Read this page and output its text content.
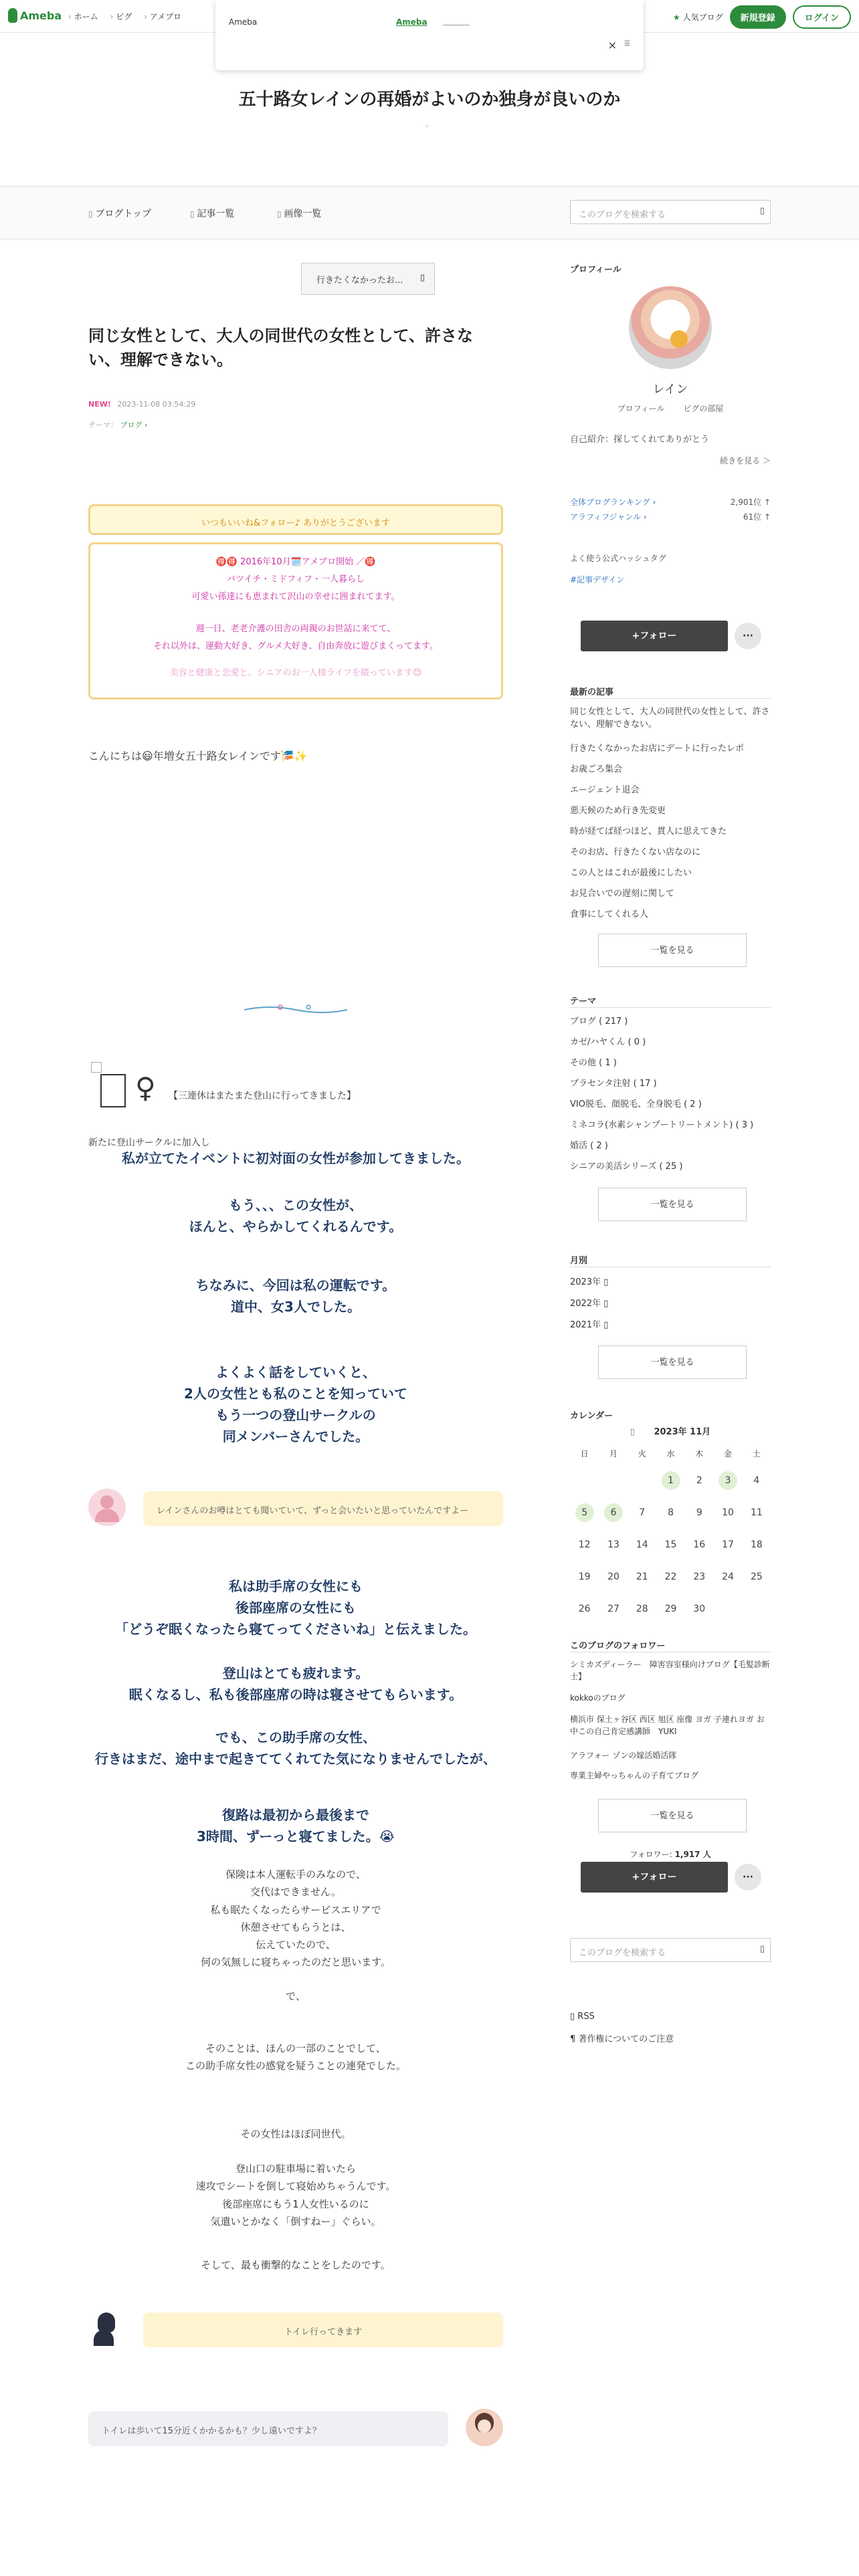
Ameba	› ホーム	› ピグ	› アメブロ	★ 人気ブログ	新規登録	ログイン
Ameba	Ameba
× ☰
五十路女レインの再婚がよいのか独身が良いのか
。
▯ ブログトップ	▯ 記事一覧	▯ 画像一覧	このブログを検索する	▯
行きたくなかったお... ▯
同じ女性として、大人の同世代の女性として、許さない、理解できない。
NEW! 2023-11-08 03:54:29
テーマ： ブログ ›
いつもいいね&フォロー♪ ありがとうございます
🉐🉐 2016年10月🗓️アメブロ開始 ／🉐
バツイチ・ミドフィフ・一人暮らし
可愛い孫達にも恵まれて沢山の幸せに囲まれてます。
週一日、老老介護の田舎の両親のお世話に来てて、
それ以外は、運動大好き、グルメ大好き、自由奔放に遊びまくってます。
美容と健康と恋愛と、シニアのお一人様ライフを綴っています😊
こんにちは😃年増女五十路女レインです🎏✨
♀ 【三連休はまたまた登山に行ってきました】
新たに登山サークルに加入し
私が立てたイベントに初対面の女性が参加してきました。
もう、、、この女性が、
ほんと、やらかしてくれるんです。
ちなみに、今回は私の運転です。
道中、女3人でした。
よくよく話をしていくと、
2人の女性とも私のことを知っていて
もう一つの登山サークルの
同メンバーさんでした。
レインさんのお噂はとても聞いていて、ずっと会いたいと思っていたんですよー
私は助手席の女性にも
後部座席の女性にも
「どうぞ眠くなったら寝てってくださいね」と伝えました。
登山はとても疲れます。
眠くなるし、私も後部座席の時は寝させてもらいます。
でも、この助手席の女性、
行きはまだ、途中まで起きててくれてた気になりませんでしたが、
復路は最初から最後まで
3時間、ずーっと寝てました。😭
保険は本人運転手のみなので、
交代はできません。
私も眠たくなったらサービスエリアで
休憩させてもらうとは、
伝えていたので、
何の気無しに寝ちゃったのだと思います。
で、
そのことは、ほんの一部のことでして、
この助手席女性の感覚を疑うことの連発でした。
その女性はほぼ同世代。
登山口の駐車場に着いたら
速攻でシートを倒して寝始めちゃうんです。
後部座席にもう1人女性いるのに
気遣いとかなく「倒すねー」ぐらい。
そして、最も衝撃的なことをしたのです。
トイレ行ってきます
トイレは歩いて15分近くかかるかも？少し遠いですよ？
プロフィール
レイン
プロフィール ピグの部屋
自己紹介：探してくれてありがとう
続きを見る ＞
全体ブログランキング ›	2,901位 ↑
アラフィフジャンル ›	61位 ↑
よく使う公式ハッシュタグ
#記事デザイン
+フォロー	···
最新の記事
同じ女性として、大人の同世代の女性として、許さない、理解できない。
行きたくなかったお店にデートに行ったレポ
お歳ごろ集会
エージェント退会
悪天候のため行き先変更
時が経てば経つほど、貫人に思えてきた
そのお店、行きたくない店なのに
この人とはこれが最後にしたい
お見合いでの遅刻に関して
食事にしてくれる人
一覧を見る
テーマ
ブログ ( 217 )
カゼ/ハヤくん ( 0 )
その他 ( 1 )
プラセンタ注射 ( 17 )
VIO脱毛、顔脱毛、全身脱毛 ( 2 )
ミネコラ(水素シャンプートリートメント) ( 3 )
婚活 ( 2 )
シニアの美活シリーズ ( 25 )
一覧を見る
月別
2023年 ▯
2022年 ▯
2021年 ▯
一覧を見る
カレンダー
▯ 2023年 11月
日	月	火	水	木	金	土
			1	2	3	4
5	6	7	8	9	10	11
12	13	14	15	16	17	18
19	20	21	22	23	24	25
26	27	28	29	30		
このブログのフォロワー
シミカズディーラー　障害容室様向けブログ【毛髪診断士】
kokkoのブログ
横浜市 保土ヶ谷区 西区 旭区 座像 ヨガ 子連れヨガ お中この自己肯定感講師　YUKI
アラフォー ゾンの嫁活婚活隊
専業主婦やっちゃんの子育てブログ
一覧を見る
フォロワー: 1,917 人
+フォロー	···
このブログを検索する	▯
▯ RSS
¶ 著作権についてのご注意
